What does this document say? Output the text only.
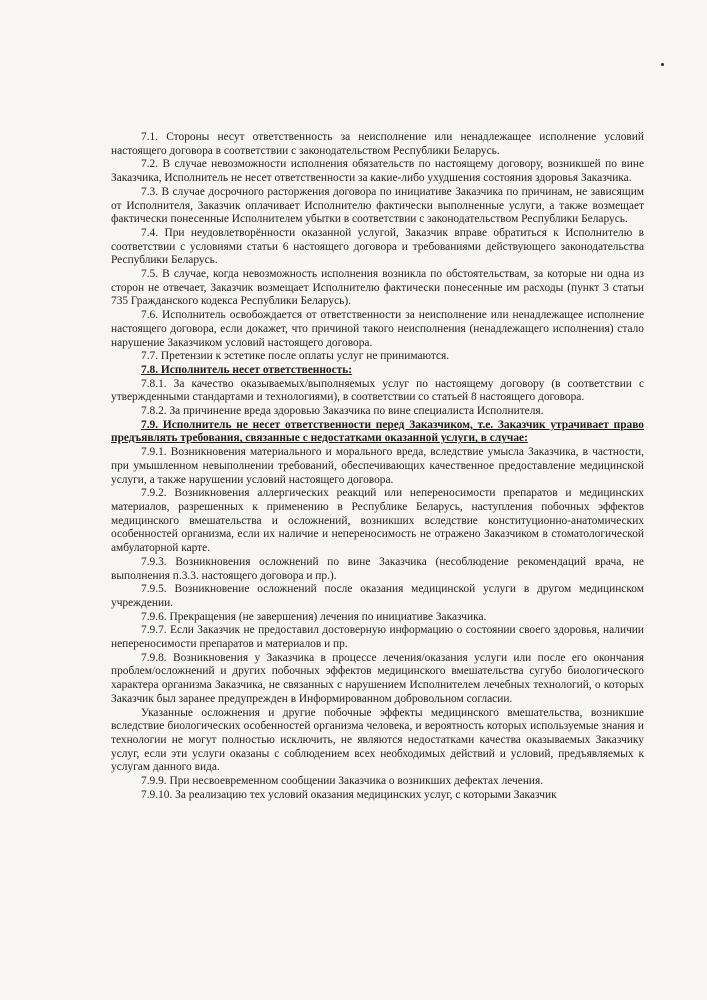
7.1. Стороны несут ответственность за неисполнение или ненадлежащее исполнение условий настоящего договора в соответствии с законодательством Республики Беларусь.

7.2. В случае невозможности исполнения обязательств по настоящему договору, возникшей по вине Заказчика, Исполнитель не несет ответственности за какие-либо ухудшения состояния здоровья Заказчика.

7.3. В случае досрочного расторжения договора по инициативе Заказчика по причинам, не зависящим от Исполнителя, Заказчик оплачивает Исполнителю фактически выполненные услуги, а также возмещает фактически понесенные Исполнителем убытки в соответствии с законодательством Республики Беларусь.

7.4. При неудовлетворённости оказанной услугой, Заказчик вправе обратиться к Исполнителю в соответствии с условиями статьи 6 настоящего договора и требованиями действующего законодательства Республики Беларусь.

7.5. В случае, когда невозможность исполнения возникла по обстоятельствам, за которые ни одна из сторон не отвечает, Заказчик возмещает Исполнителю фактически понесенные им расходы (пункт 3 статьи 735 Гражданского кодекса Республики Беларусь).

7.6. Исполнитель освобождается от ответственности за неисполнение или ненадлежащее исполнение настоящего договора, если докажет, что причиной такого неисполнения (ненадлежащего исполнения) стало нарушение Заказчиком условий настоящего договора.

7.7. Претензии к эстетике после оплаты услуг не принимаются.

7.8. Исполнитель несет ответственность:

7.8.1. За качество оказываемых/выполняемых услуг по настоящему договору (в соответствии с утвержденными стандартами и технологиями), в соответствии со статьей 8 настоящего договора.

7.8.2. За причинение вреда здоровью Заказчика по вине специалиста Исполнителя.

7.9. Исполнитель не несет ответственности перед Заказчиком, т.е. Заказчик утрачивает право предъявлять требования, связанные с недостатками оказанной услуги, в случае:

7.9.1. Возникновения материального и морального вреда, вследствие умысла Заказчика, в частности, при умышленном невыполнении требований, обеспечивающих качественное предоставление медицинской услуги, а также нарушении условий настоящего договора.

7.9.2. Возникновения аллергических реакций или непереносимости препаратов и медицинских материалов, разрешенных к применению в Республике Беларусь, наступления побочных эффектов медицинского вмешательства и осложнений, возникших вследствие конституционно-анатомических особенностей организма, если их наличие и непереносимость не отражено Заказчиком в стоматологической амбулаторной карте.

7.9.3. Возникновения осложнений по вине Заказчика (несоблюдение рекомендаций врача, не выполнения п.3.3. настоящего договора и пр.).

7.9.5. Возникновение осложнений после оказания медицинской услуги в другом медицинском учреждении.

7.9.6. Прекращения (не завершения) лечения по инициативе Заказчика.

7.9.7. Если Заказчик не предоставил достоверную информацию о состоянии своего здоровья, наличии непереносимости препаратов и материалов и пр.

7.9.8. Возникновения у Заказчика в процессе лечения/оказания услуги или после его окончания проблем/осложнений и других побочных эффектов медицинского вмешательства сугубо биологического характера организма Заказчика, не связанных с нарушением Исполнителем лечебных технологий, о которых Заказчик был заранее предупрежден в Информированном добровольном согласии.

Указанные осложнения и другие побочные эффекты медицинского вмешательства, возникшие вследствие биологических особенностей организма человека, и вероятность которых используемые знания и технологии не могут полностью исключить, не являются недостатками качества оказываемых Заказчику услуг, если эти услуги оказаны с соблюдением всех необходимых действий и условий, предъявляемых к услугам данного вида.

7.9.9. При несвоевременном сообщении Заказчика о возникших дефектах лечения.

7.9.10. За реализацию тех условий оказания медицинских услуг, с которыми Заказчик
